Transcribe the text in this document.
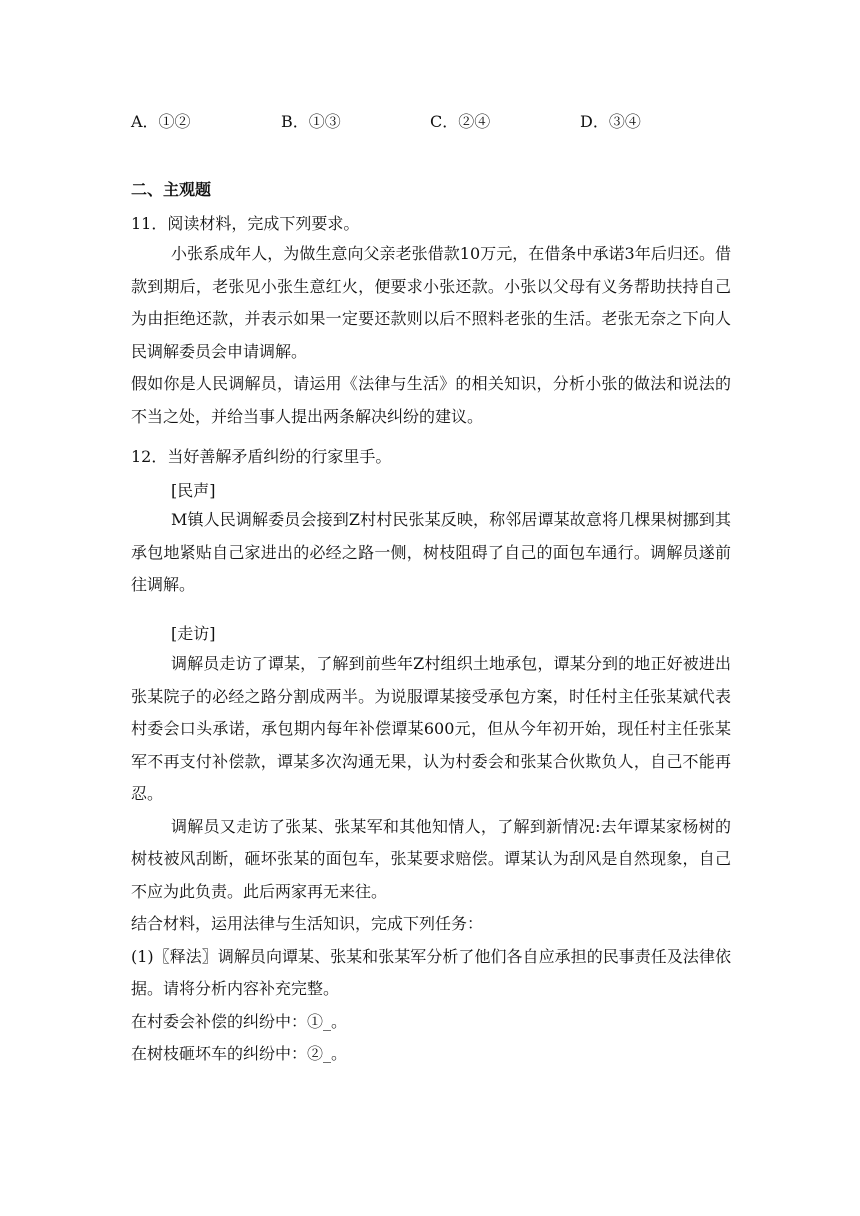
A．①②	B．①③	C．②④	D．③④
二、主观题
11．阅读材料，完成下列要求。
小张系成年人，为做生意向父亲老张借款10万元，在借条中承诺3年后归还。借款到期后，老张见小张生意红火，便要求小张还款。小张以父母有义务帮助扶持自己为由拒绝还款，并表示如果一定要还款则以后不照料老张的生活。老张无奈之下向人民调解委员会申请调解。
假如你是人民调解员，请运用《法律与生活》的相关知识，分析小张的做法和说法的不当之处，并给当事人提出两条解决纠纷的建议。
12．当好善解矛盾纠纷的行家里手。
[民声]
M镇人民调解委员会接到Z村村民张某反映，称邻居谭某故意将几棵果树挪到其承包地紧贴自己家进出的必经之路一侧，树枝阻碍了自己的面包车通行。调解员遂前往调解。
[走访]
调解员走访了谭某，了解到前些年Z村组织土地承包，谭某分到的地正好被进出张某院子的必经之路分割成两半。为说服谭某接受承包方案，时任村主任张某斌代表村委会口头承诺，承包期内每年补偿谭某600元，但从今年初开始，现任村主任张某军不再支付补偿款，谭某多次沟通无果，认为村委会和张某合伙欺负人，自己不能再忍。
调解员又走访了张某、张某军和其他知情人，了解到新情况:去年谭某家杨树的树枝被风刮断，砸坏张某的面包车，张某要求赔偿。谭某认为刮风是自然现象，自己不应为此负责。此后两家再无来往。
结合材料，运用法律与生活知识，完成下列任务：
(1)〖释法〗调解员向谭某、张某和张某军分析了他们各自应承担的民事责任及法律依据。请将分析内容补充完整。
在村委会补偿的纠纷中：①_。
在树枝砸坏车的纠纷中：②_。
